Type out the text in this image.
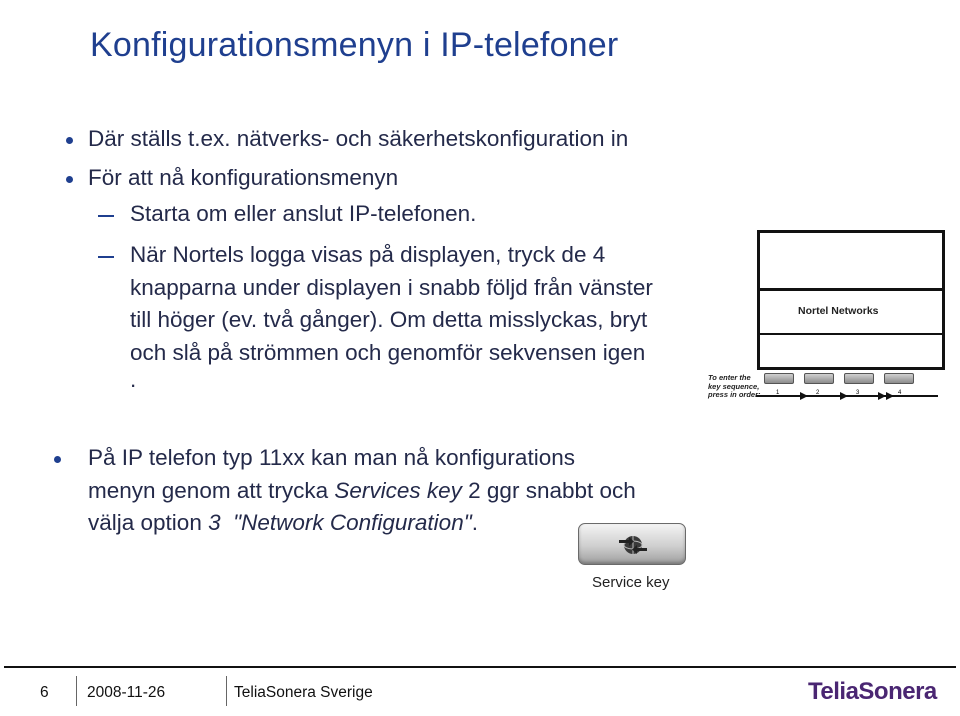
Konfigurationsmenyn i IP-telefoner
Där ställs t.ex. nätverks- och säkerhetskonfiguration in
För att nå konfigurationsmenyn
Starta om eller anslut IP-telefonen.
När Nortels logga visas på displayen, tryck de 4
knapparna under displayen i snabb följd från vänster
till höger (ev. två gånger). Om detta misslyckas, bryt
och slå på strömmen och genomför sekvensen igen
.
På IP telefon typ 11xx kan man nå konfigurations
menyn genom att trycka Services key 2 ggr snabbt och
välja option 3  "Network Configuration".
Nortel Networks
To enter the
key sequence,
press in order:	1	2	3	4
Service key
6 2008-11-26	TeliaSonera Sverige	TeliaSonera
